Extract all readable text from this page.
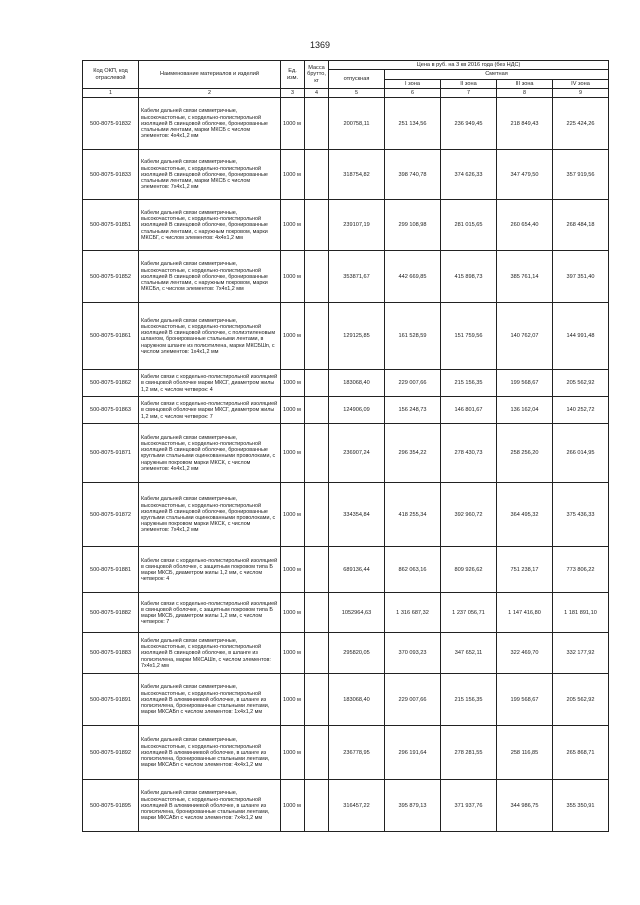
1369
Код ОКП, код отраслевой	Наименование материалов и изделий	Ед. изм.	Масса брутто, кг	Цена в руб. на 3 кв 2016 года (без НДС)				
				отпускная	Сметная			
					I зона	II зона	III зона	IV зона
1	2	3	4	5	6	7	8	9
500-8075-91832	Кабели дальней связи симметричные, высокочастотные, с кордельно-полистирольной изоляцией В свинцовой оболочке, бронированные стальными лентами, марки МКСБ с числом элементов: 4х4х1,2 мм	1000 м		200758,11	251 134,56	236 949,45	218 849,43	225 424,26
500-8075-91833	Кабели дальней связи симметричные, высокочастотные, с кордельно-полистирольной изоляцией В свинцовой оболочке, бронированные стальными лентами, марки МКСБ с числом элементов: 7х4х1,2 мм	1000 м		318754,82	398 740,78	374 626,33	347 479,50	357 919,56
500-8075-91851	Кабели дальней связи симметричные, высокочастотные, с кордельно-полистирольной изоляцией В свинцовой оболочке, бронированные стальными лентами, с наружным покровом, марки МКСБГ, с числом элементов: 4х4х1,2 мм	1000 м		239107,19	299 108,98	281 015,65	260 654,40	268 484,18
500-8075-91852	Кабели дальней связи симметричные, высокочастотные, с кордельно-полистирольной изоляцией В свинцовой оболочке, бронированные стальными лентами, с наружным покровом, марки МКСБл, с числом элементов: 7х4х1,2 мм	1000 м		353871,67	442 669,85	415 898,73	385 761,14	397 351,40
500-8075-91861	Кабели дальней связи симметричные, высокочастотные, с кордельно-полистирольной изоляцией В свинцовой оболочке, с полиэтиленовым шлангом, бронированные стальными лентами, в наружном шланге из полиэтилена, марки МКСБШп, с числом элементов: 1х4х1,2 мм	1000 м		129125,85	161 528,59	151 759,56	140 762,07	144 991,48
500-8075-91862	Кабели связи с кордельно-полистирольной изоляцией в свинцовой оболочке марки МКСГ, диаметром жилы 1,2 мм, с числом четверок: 4	1000 м		183068,40	229 007,66	215 156,35	199 568,67	205 562,92
500-8075-91863	Кабели связи с кордельно-полистирольной изоляцией в свинцовой оболочке марки МКСГ, диаметром жилы 1,2 мм, с числом четверок: 7	1000 м		124906,09	156 248,73	146 801,67	136 162,04	140 252,72
500-8075-91871	Кабели дальней связи симметричные, высокочастотные, с кордельно-полистирольной изоляцией В свинцовой оболочке, бронированные круглыми стальными оцинкованными проволоками, с наружным покровом марки МКСК, с числом элементов: 4х4х1,2 мм	1000 м		236907,24	296 354,22	278 430,73	258 256,20	266 014,95
500-8075-91872	Кабели дальней связи симметричные, высокочастотные, с кордельно-полистирольной изоляцией В свинцовой оболочке, бронированные круглыми стальными оцинкованными проволоками, с наружным покровом марки МКСК, с числом элементов: 7х4х1,2 мм	1000 м		334354,84	418 255,34	392 960,72	364 495,32	375 436,33
500-8075-91881	Кабели связи с кордельно-полистирольной изоляцией в свинцовой оболочке, с защитным покровом типа Б марки МКСБ, диаметром жилы 1,2 мм, с числом четверок: 4	1000 м		689136,44	862 063,16	809 926,62	751 238,17	773 806,22
500-8075-91882	Кабели связи с кордельно-полистирольной изоляцией в свинцовой оболочке, с защитным покровом типа Б марки МКСБ, диаметром жилы 1,2 мм, с числом четверок: 7	1000 м		1052964,63	1 316 687,32	1 237 056,71	1 147 416,80	1 181 891,10
500-8075-91883	Кабели дальней связи симметричные, высокочастотные, с кордельно-полистирольной изоляцией В свинцовой оболочке, в шланге из полиэтилена, марки МКСАШп, с числом элементов: 7х4х1,2 мм	1000 м		295820,05	370 093,23	347 652,11	322 469,70	332 177,92
500-8075-91891	Кабели дальней связи симметричные, высокочастотные, с кордельно-полистирольной изоляцией В алюминиевой оболочке, в шланге из полиэтилена, бронированные стальными лентами, марки МКСАБп с числом элементов: 1х4х1,2 мм	1000 м		183068,40	229 007,66	215 156,35	199 568,67	205 562,92
500-8075-91892	Кабели дальней связи симметричные, высокочастотные, с кордельно-полистирольной изоляцией В алюминиевой оболочке, в шланге из полиэтилена, бронированные стальными лентами, марки МКСАБп с числом элементов: 4х4х1,2 мм	1000 м		236778,95	296 191,64	278 281,55	258 116,85	265 868,71
500-8075-91895	Кабели дальней связи симметричные, высокочастотные, с кордельно-полистирольной изоляцией В алюминиевой оболочке, в шланге из полиэтилена, бронированные стальными лентами, марки МКСАБп с числом элементов: 7х4х1,2 мм	1000 м		316457,22	395 879,13	371 937,76	344 986,75	355 350,91
